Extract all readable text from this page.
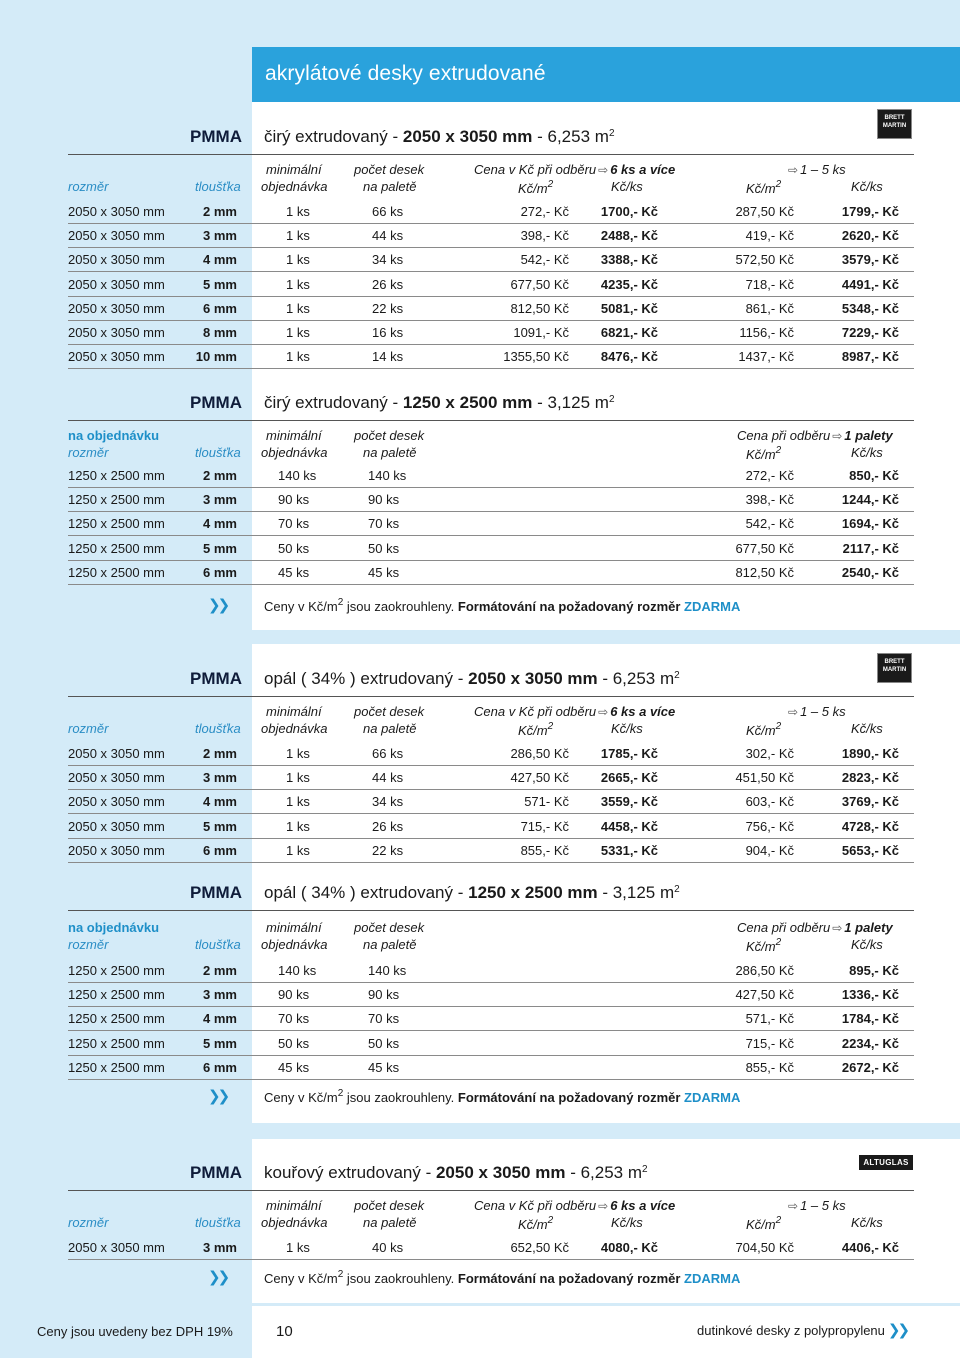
akrylátové desky extrudované
BRETT MARTIN
BRETT MARTIN
ALTUGLAS
PMMA čirý extrudovaný - 2050 x 3050 mm - 6,253 $m^2$
minimální počet desek	Cena v Kč při odběru ⇨ 6 ks a více	⇨ 1 – 5 ks
rozměr	tloušťka objednávka	na paletě	$Kč/m^2$	Kč/ks	$Kč/m^2$	Kč/ks
2050 x 3050 mm	2 mm	1 ks	66 ks	272,- Kč 1700,- Kč	287,50 Kč	1799,- Kč
2050 x 3050 mm	3 mm	1 ks	44 ks	398,- Kč 2488,- Kč	419,- Kč	2620,- Kč
2050 x 3050 mm	4 mm	1 ks	34 ks	542,- Kč 3388,- Kč	572,50 Kč	3579,- Kč
2050 x 3050 mm	5 mm	1 ks	26 ks	677,50 Kč 4235,- Kč	718,- Kč	4491,- Kč
2050 x 3050 mm	6 mm	1 ks	22 ks	812,50 Kč 5081,- Kč	861,- Kč	5348,- Kč
2050 x 3050 mm	8 mm	1 ks	16 ks	1091,- Kč 6821,- Kč	1156,- Kč	7229,- Kč
2050 x 3050 mm 10 mm	1 ks	14 ks	1355,50 Kč 8476,- Kč	1437,- Kč	8987,- Kč
PMMA čirý extrudovaný - 1250 x 2500 mm - 3,125 $m^2$
na objednávku	minimální počet desek	Cena při odběru ⇨ 1 palety
rozměr	tloušťka objednávka	na paletě	$Kč/m^2$	Kč/ks
1250 x 2500 mm	2 mm	140 ks	140 ks	272,- Kč	850,- Kč
1250 x 2500 mm	3 mm	90 ks	90 ks	398,- Kč	1244,- Kč
1250 x 2500 mm	4 mm	70 ks	70 ks	542,- Kč	1694,- Kč
1250 x 2500 mm	5 mm	50 ks	50 ks	677,50 Kč	2117,- Kč
1250 x 2500 mm	6 mm	45 ks	45 ks	812,50 Kč	2540,- Kč
❯❯	Ceny v $Kč/m^2$ jsou zaokrouhleny. Formátování na požadovaný rozměr ZDARMA
PMMA opál ( 34% ) extrudovaný - 2050 x 3050 mm - 6,253 $m^2$
minimální počet desek	Cena v Kč při odběru ⇨ 6 ks a více	⇨ 1 – 5 ks
rozměr	tloušťka objednávka	na paletě	$Kč/m^2$	Kč/ks	$Kč/m^2$	Kč/ks
2050 x 3050 mm	2 mm	1 ks	66 ks	286,50 Kč 1785,- Kč	302,- Kč	1890,- Kč
2050 x 3050 mm	3 mm	1 ks	44 ks	427,50 Kč 2665,- Kč	451,50 Kč	2823,- Kč
2050 x 3050 mm	4 mm	1 ks	34 ks	571- Kč 3559,- Kč	603,- Kč	3769,- Kč
2050 x 3050 mm	5 mm	1 ks	26 ks	715,- Kč 4458,- Kč	756,- Kč	4728,- Kč
2050 x 3050 mm	6 mm	1 ks	22 ks	855,- Kč 5331,- Kč	904,- Kč	5653,- Kč
PMMA opál ( 34% ) extrudovaný - 1250 x 2500 mm - 3,125 $m^2$
na objednávku	minimální počet desek	Cena při odběru ⇨ 1 palety
rozměr	tloušťka objednávka	na paletě	$Kč/m^2$	Kč/ks
1250 x 2500 mm	2 mm	140 ks	140 ks	286,50 Kč	895,- Kč
1250 x 2500 mm	3 mm	90 ks	90 ks	427,50 Kč	1336,- Kč
1250 x 2500 mm	4 mm	70 ks	70 ks	571,- Kč	1784,- Kč
1250 x 2500 mm	5 mm	50 ks	50 ks	715,- Kč	2234,- Kč
1250 x 2500 mm	6 mm	45 ks	45 ks	855,- Kč	2672,- Kč
❯❯	Ceny v $Kč/m^2$ jsou zaokrouhleny. Formátování na požadovaný rozměr ZDARMA
PMMA kouřový extrudovaný - 2050 x 3050 mm - 6,253 $m^2$
minimální počet desek	Cena v Kč při odběru ⇨ 6 ks a více	⇨ 1 – 5 ks
rozměr	tloušťka objednávka	na paletě	$Kč/m^2$	Kč/ks	$Kč/m^2$	Kč/ks
2050 x 3050 mm	3 mm	1 ks	40 ks	652,50 Kč 4080,- Kč	704,50 Kč	4406,- Kč
❯❯	Ceny v $Kč/m^2$ jsou zaokrouhleny. Formátování na požadovaný rozměr ZDARMA
Ceny jsou uvedeny bez DPH 19%	10	dutinkové desky z polypropylenu ❯❯
